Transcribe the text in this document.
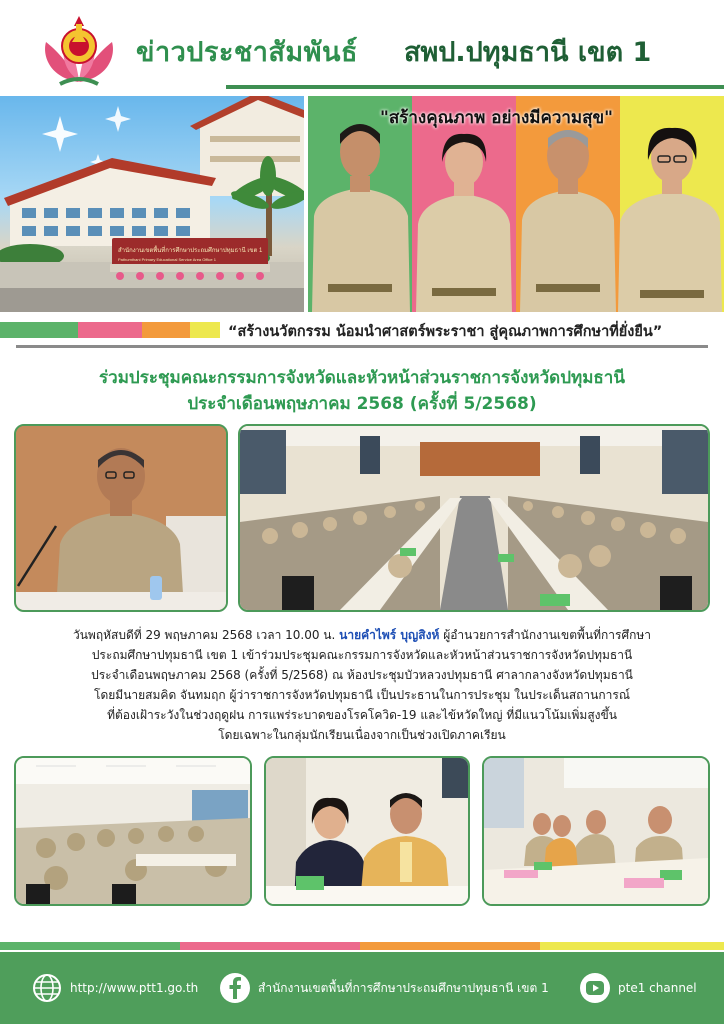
ข่าวประชาสัมพันธ์ สพป.ปทุมธานี เขต 1
สำนักงานเขตพื้นที่การศึกษาประถมศึกษาปทุมธานี เขต 1
Pathumthani Primary Educational Service Area Office 1
"สร้างคุณภาพ อย่างมีความสุข"
“สร้างนวัตกรรม น้อมนำศาสตร์พระราชา สู่คุณภาพการศึกษาที่ยั่งยืน”
ร่วมประชุมคณะกรรมการจังหวัดและหัวหน้าส่วนราชการจังหวัดปทุมธานี
ประจำเดือนพฤษภาคม 2568 (ครั้งที่ 5/2568)
วันพฤหัสบดีที่ 29 พฤษภาคม 2568 เวลา 10.00 น. นายคำไพร์ บุญสิงห์ ผู้อำนวยการสำนักงานเขตพื้นที่การศึกษา
ประถมศึกษาปทุมธานี เขต 1 เข้าร่วมประชุมคณะกรรมการจังหวัดและหัวหน้าส่วนราชการจังหวัดปทุมธานี
ประจำเดือนพฤษภาคม 2568 (ครั้งที่ 5/2568) ณ ห้องประชุมบัวหลวงปทุมธานี ศาลากลางจังหวัดปทุมธานี
โดยมีนายสมคิด จันทมฤก ผู้ว่าราชการจังหวัดปทุมธานี เป็นประธานในการประชุม ในประเด็นสถานการณ์
ที่ต้องเฝ้าระวังในช่วงฤดูฝน การแพร่ระบาดของโรคโควิด-19 และไข้หวัดใหญ่ ที่มีแนวโน้มเพิ่มสูงขึ้น
โดยเฉพาะในกลุ่มนักเรียนเนื่องจากเป็นช่วงเปิดภาคเรียน
http://www.ptt1.go.th	สำนักงานเขตพื้นที่การศึกษาประถมศึกษาปทุมธานี เขต 1	pte1 channel
